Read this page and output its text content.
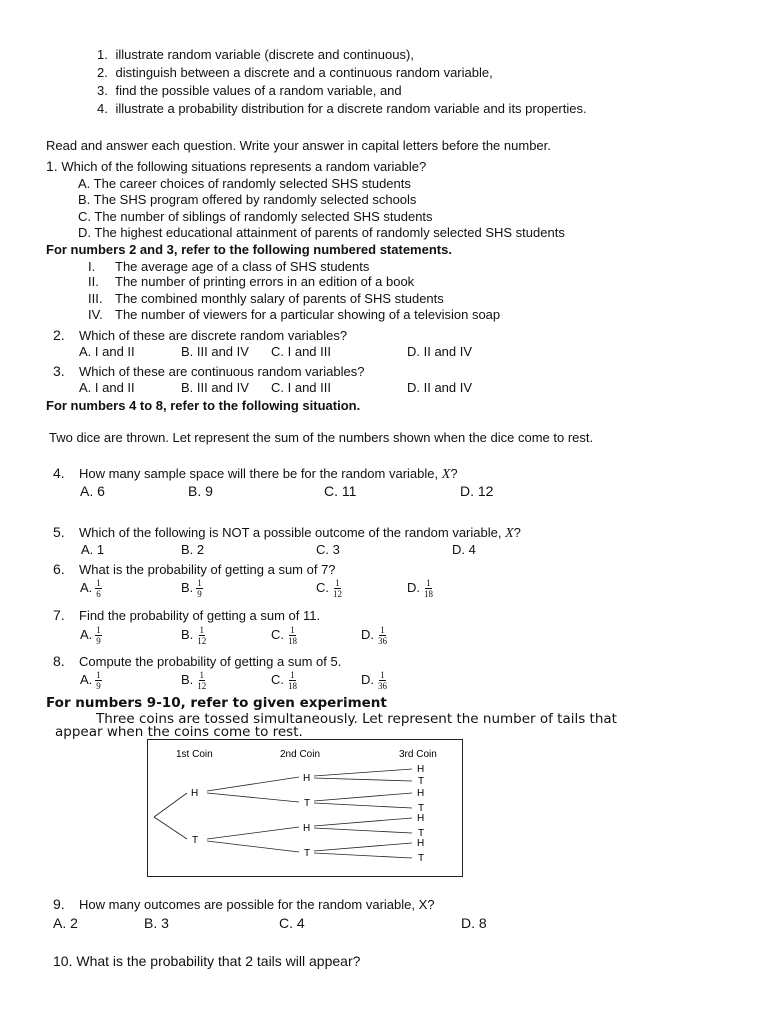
1. illustrate random variable (discrete and continuous),
2. distinguish between a discrete and a continuous random variable,
3. find the possible values of a random variable, and
4. illustrate a probability distribution for a discrete random variable and its properties.
Read and answer each question. Write your answer in capital letters before the number.
1. Which of the following situations represents a random variable?
A. The career choices of randomly selected SHS students
B. The SHS program offered by randomly selected schools
C. The number of siblings of randomly selected SHS students
D. The highest educational attainment of parents of randomly selected SHS students
For numbers 2 and 3, refer to the following numbered statements.
I. The average age of a class of SHS students
II. The number of printing errors in an edition of a book
III. The combined monthly salary of parents of SHS students
IV. The number of viewers for a particular showing of a television soap
2. Which of these are discrete random variables?
A. I and II	B. III and IV C. I and III	D. II and IV
3. Which of these are continuous random variables?
A. I and II	B. III and IV C. I and III	D. II and IV
For numbers 4 to 8, refer to the following situation.
Two dice are thrown. Let represent the sum of the numbers shown when the dice come to rest.
4. How many sample space will there be for the random variable, X?
A. 6	B. 9	C. 11	D. 12
5. Which of the following is NOT a possible outcome of the random variable, X?
A. 1	B. 2	C. 3	D. 4
6. What is the probability of getting a sum of 7?
A. $\frac{1}{6}$	B. $\frac{1}{9}$	C. $\frac{1}{12}$	D. $\frac{1}{18}$
7. Find the probability of getting a sum of 11.
A. $\frac{1}{9}$	B. $\frac{1}{12}$	C. $\frac{1}{18}$	D. $\frac{1}{36}$
8. Compute the probability of getting a sum of 5.
A. $\frac{1}{9}$	B. $\frac{1}{12}$	C. $\frac{1}{18}$	D. $\frac{1}{36}$
For numbers 9-10, refer to given experiment
Three coins are tossed simultaneously. Let represent the number of tails that
appear when the coins come to rest.
1st Coin	2nd Coin	3rd Coin
H
T
H
T
H
T
H
T
H
T
H
T
H
T
9. How many outcomes are possible for the random variable, X?
A. 2	B. 3	C. 4	D. 8
10. What is the probability that 2 tails will appear?
